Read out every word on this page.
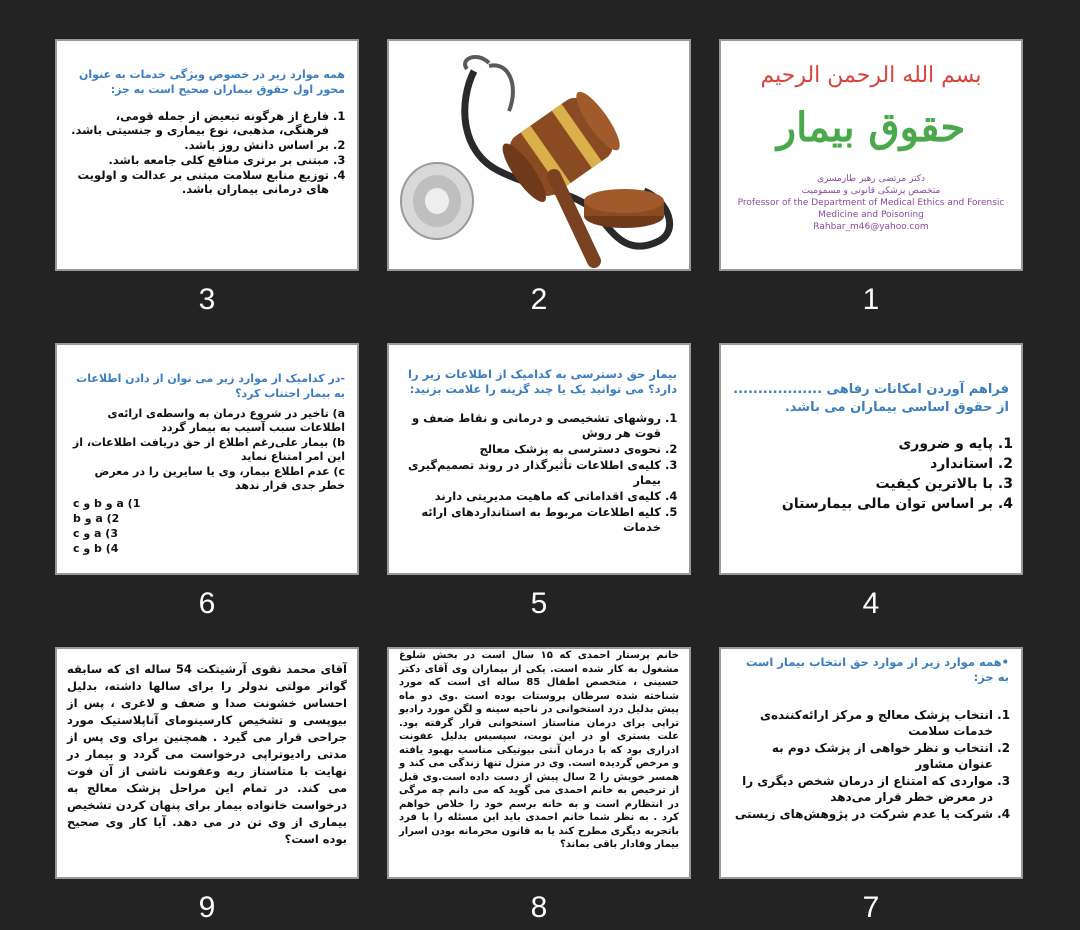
بسم الله الرحمن الرحیم
حقوق بیمار
دکتر مرتضی رهبر طارمسری
متخصص پزشکی قانونی و مسمومیت
Professor of the Department of Medical Ethics and Forensic Medicine and Poisoning
Rahbar_m46@yahoo.com
1
2
همه موارد زیر در خصوص ویژگی خدمات به عنوان محور اول حقوق بیماران صحیح است به جز:
1. فارغ از هرگونه تبعیض از جمله قومی، فرهنگی، مذهبی، نوع بیماری و جنسیتی باشد.
2. بر اساس دانش روز باشد.
3. مبتنی بر برتری منافع کلی جامعه باشد.
4. توزیع منابع سلامت مبتنی بر عدالت و اولویت های درمانی بیماران باشد.
3
فراهم آوردن امکانات رفاهی .................. از حقوق اساسی بیماران می باشد.
1. پایه و ضروری
2. استاندارد
3. با بالاترین کیفیت
4. بر اساس توان مالی بیمارستان
4
بیمار حق دسترسی به کدامیک از اطلاعات زیر را دارد؟ می توانید یک یا چند گزینه را علامت بزنید:
1. روشهای تشخیصی و درمانی و نقاط ضعف و قوت هر روش
2. نحوه‌ی دسترسی به پزشک معالج
3. کلیه‌ی اطلاعات تأثیرگذار در روند تصمیم‌گیری بیمار
4. کلیه‌ی اقداماتی که ماهیت مدیریتی دارند
5. کلیه اطلاعات مربوط به استانداردهای ارائه خدمات
5
-در کدامیک از موارد زیر می توان از دادن اطلاعات به بیمار اجتناب کرد؟
a) تاخیر در شروع درمان به واسطه‌ی ارائه‌ی اطلاعات سبب آسیب به بیمار گردد
b) بیمار علی‌رغم اطلاع از حق دریافت اطلاعات، از این امر امتناع نماید
c) عدم اطلاع بیمار، وی یا سایرین را در معرض خطر جدی قرار ندهد
1) a و b و c
2) a و b
3) a و c
4) b و c
6
•همه موارد زیر از موارد حق انتخاب بیمار است به جز:
1. انتخاب پزشک معالج و مرکز ارائه‌کننده‌ی خدمات سلامت
2. انتخاب و نظر خواهی از پزشک دوم به عنوان مشاور
3. مواردی که امتناع از درمان شخص دیگری را در معرض خطر قرار می‌دهد
4. شرکت یا عدم شرکت در پژوهش‌های زیستی
7
خانم پرستار احمدی که ۱۵ سال است در بخش شلوغ مشغول به کار شده است. یکی از بیماران وی آقای دکتر حسینی ، متخصص اطفال 85 ساله ای است که مورد شناخته شده سرطان پروستات بوده است .وی دو ماه پیش بدلیل درد استخوانی در ناحیه سینه و لگن مورد رادیو تراپی برای درمان متاستاز استخوانی قرار گرفته بود. علت بستری او در این نوبت، سپسیس بدلیل عفونت ادراری بود که با درمان آنتی بیوتیکی مناسب بهبود یافته و مرخص گردیده است. وی در منزل تنها زندگی می کند و همسر خویش را 2 سال پیش از دست داده است.وی قبل از ترخیص به خانم احمدی می گوید که می دانم چه مرگی در انتظارم است و به خانه برسم خود را خلاص خواهم کرد . به نظر شما خانم احمدی باید این مسئله را با فرد باتجربه دیگری مطرح کند یا به قانون محرمانه بودن اسرار بیمار وفادار باقی بماند؟
8
آقای محمد نقوی آرشیتکت 54 ساله ای که سابقه گواتر مولتی ندولر را برای سالها داشته، بدلیل احساس خشونت صدا و ضعف و لاغری ، پس از بیوپسی و تشخیص کارسینومای آناپلاستیک مورد جراحی قرار می گیرد . همچنین برای وی پس از مدتی رادیوتراپی درخواست می گردد و بیمار در نهایت با متاستاز ریه وعفونت ناشی از آن فوت می کند. در تمام این مراحل پزشک معالج به درخواست خانواده بیمار برای پنهان کردن تشخیص بیماری از وی تن در می دهد. آیا کار وی صحیح بوده است؟
9
